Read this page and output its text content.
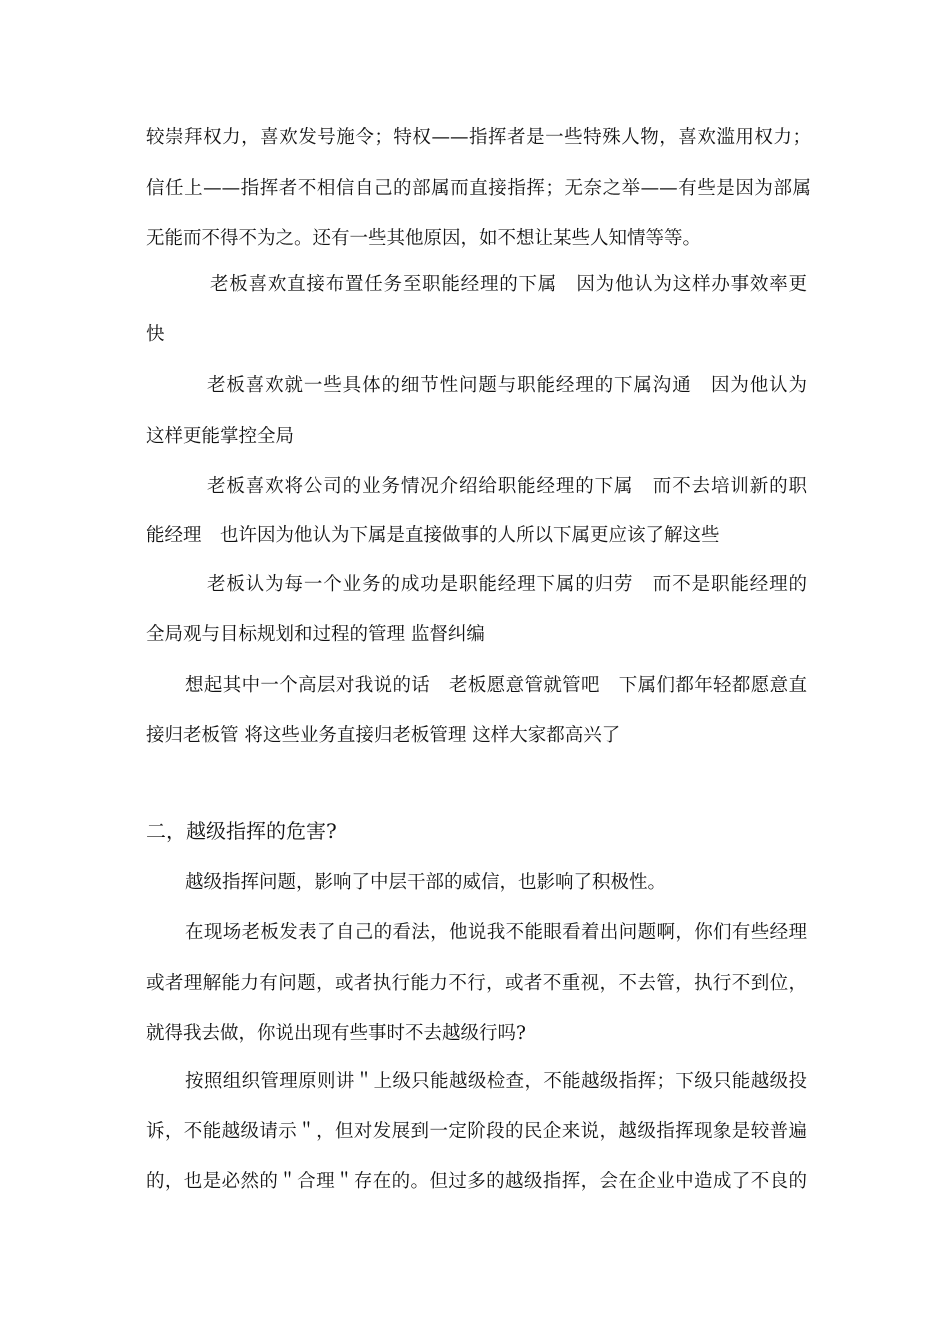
较崇拜权力，喜欢发号施令；特权——指挥者是一些特殊人物，喜欢滥用权力；
信任上——指挥者不相信自己的部属而直接指挥；无奈之举——有些是因为部属
无能而不得不为之。还有一些其他原因，如不想让某些人知情等等。
老板喜欢直接布置任务至职能经理的下属　因为他认为这样办事效率更
快
老板喜欢就一些具体的细节性问题与职能经理的下属沟通　因为他认为
这样更能掌控全局
老板喜欢将公司的业务情况介绍给职能经理的下属　而不去培训新的职
能经理　也许因为他认为下属是直接做事的人所以下属更应该了解这些
老板认为每一个业务的成功是职能经理下属的归劳　而不是职能经理的
全局观与目标规划和过程的管理 监督纠编
想起其中一个高层对我说的话　老板愿意管就管吧　下属们都年轻都愿意直
接归老板管 将这些业务直接归老板管理 这样大家都高兴了
二，越级指挥的危害?
越级指挥问题，影响了中层干部的威信，也影响了积极性。
在现场老板发表了自己的看法，他说我不能眼看着出问题啊，你们有些经理
或者理解能力有问题，或者执行能力不行，或者不重视，不去管，执行不到位，
就得我去做，你说出现有些事时不去越级行吗?
按照组织管理原则讲＂上级只能越级检查，不能越级指挥；下级只能越级投
诉，不能越级请示＂，但对发展到一定阶段的民企来说，越级指挥现象是较普遍
的，也是必然的＂合理＂存在的。但过多的越级指挥，会在企业中造成了不良的
